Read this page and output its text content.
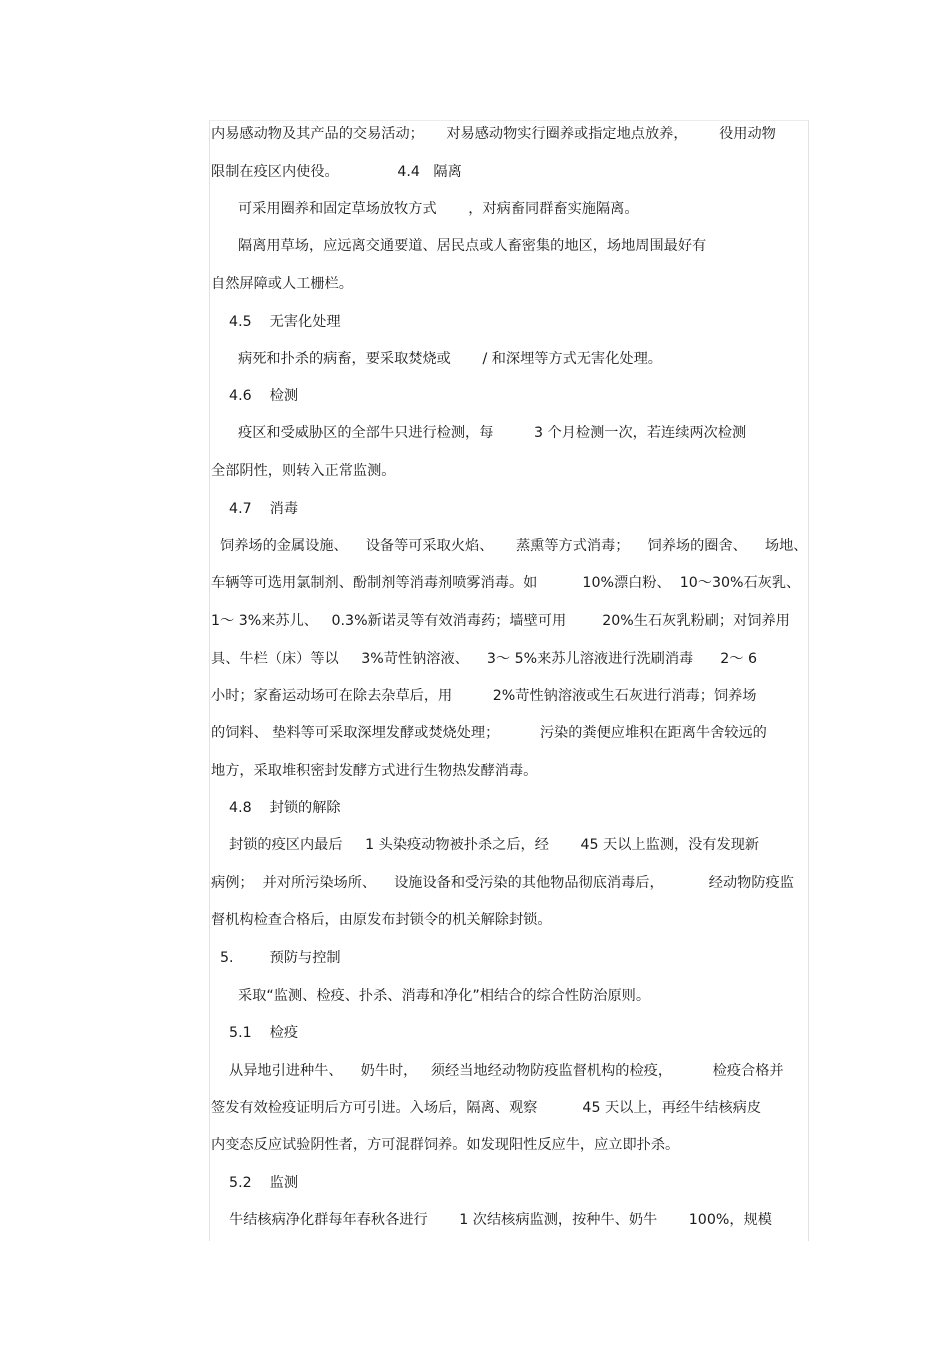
内易感动物及其产品的交易活动；     对易感动物实行圈养或指定地点放养，       役用动物
限制在疫区内使役。             4.4   隔离
可采用圈养和固定草场放牧方式       ，对病畜同群畜实施隔离。
隔离用草场，应远离交通要道、居民点或人畜密集的地区，场地周围最好有
自然屏障或人工栅栏。
4.5    无害化处理
病死和扑杀的病畜，要采取焚烧或       / 和深埋等方式无害化处理。
4.6    检测
疫区和受威胁区的全部牛只进行检测，每         3 个月检测一次，若连续两次检测
全部阴性，则转入正常监测。
4.7    消毒
饲养场的金属设施、    设备等可采取火焰、     蒸熏等方式消毒；    饲养场的圈舍、    场地、
车辆等可选用氯制剂、酚制剂等消毒剂喷雾消毒。如          10%漂白粉、  10～30%石灰乳、
1～ 3%来苏儿、   0.3%新诺灵等有效消毒药；墙壁可用        20%生石灰乳粉刷；对饲养用
具、牛栏（床）等以     3%苛性钠溶液、    3～ 5%来苏儿溶液进行洗刷消毒      2～ 6
小时；家畜运动场可在除去杂草后，用         2%苛性钠溶液或生石灰进行消毒；饲养场
的饲料、 垫料等可采取深埋发酵或焚烧处理；         污染的粪便应堆积在距离牛舍较远的
地方，采取堆积密封发酵方式进行生物热发酵消毒。
4.8    封锁的解除
封锁的疫区内最后     1 头染疫动物被扑杀之后，经       45 天以上监测，没有发现新
病例；  并对所污染场所、    设施设备和受污染的其他物品彻底消毒后，          经动物防疫监
督机构检查合格后，由原发布封锁令的机关解除封锁。
5.        预防与控制
采取“监测、检疫、扑杀、消毒和净化”相结合的综合性防治原则。
5.1    检疫
从异地引进种牛、    奶牛时，   须经当地经动物防疫监督机构的检疫，         检疫合格并
签发有效检疫证明后方可引进。入场后，隔离、观察          45 天以上，再经牛结核病皮
内变态反应试验阴性者，方可混群饲养。如发现阳性反应牛，应立即扑杀。
5.2    监测
牛结核病净化群每年春秋各进行       1 次结核病监测，按种牛、奶牛       100%，规模
